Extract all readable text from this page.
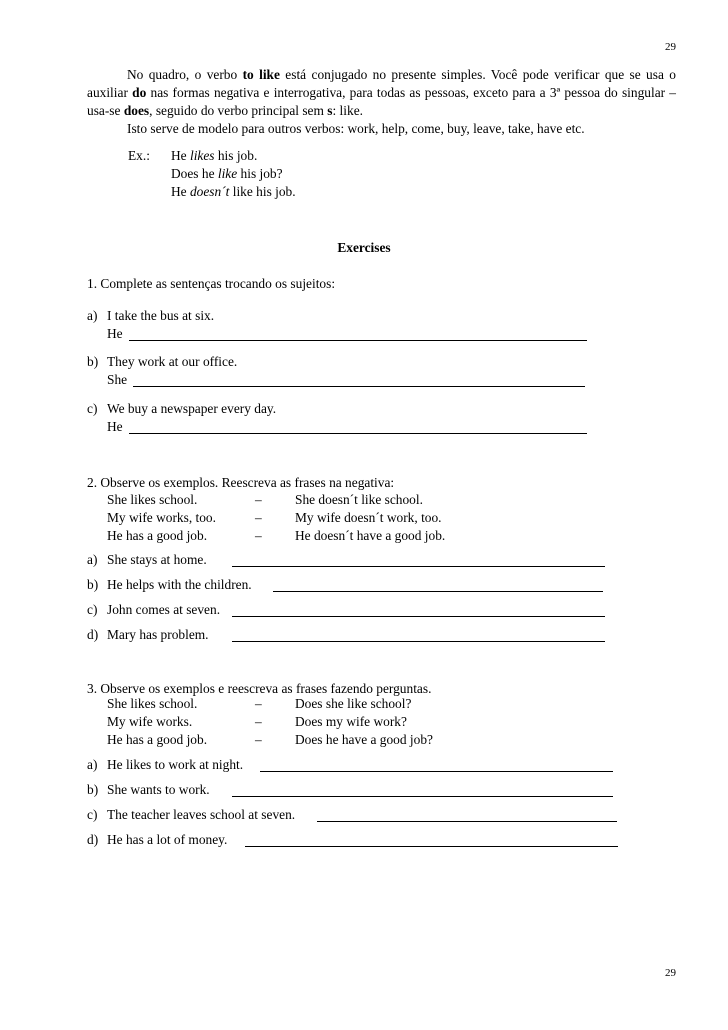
29

No quadro, o verbo to like está conjugado no presente simples. Você pode verificar que se usa o auxiliar do nas formas negativa e interrogativa, para todas as pessoas, exceto para a 3ª pessoa do singular – usa-se does, seguido do verbo principal sem s: like.

Isto serve de modelo para outros verbos: work, help, come, buy, leave, take, have etc.

Ex.: He likes his job.
Does he like his job?
He doesn´t like his job.
Exercises
1. Complete as sentenças trocando os sujeitos:
a) I take the bus at six.
He
b) They work at our office.
She
c) We buy a newspaper every day.
He
2. Observe os exemplos. Reescreva as frases na negativa:
She likes school.	– She doesn´t like school.
My wife works, too.	– My wife doesn´t work, too.
He has a good job.	– He doesn´t have a good job.
a) She stays at home.
b) He helps with the children.
c) John comes at seven.
d) Mary has problem.
3. Observe os exemplos e reescreva as frases fazendo perguntas.
She likes school.	– Does she like school?
My wife works.	– Does my wife work?
He has a good job.	– Does he have a good job?
a) He likes to work at night.
b) She wants to work.
c) The teacher leaves school at seven.
d) He has a lot of money.
29
